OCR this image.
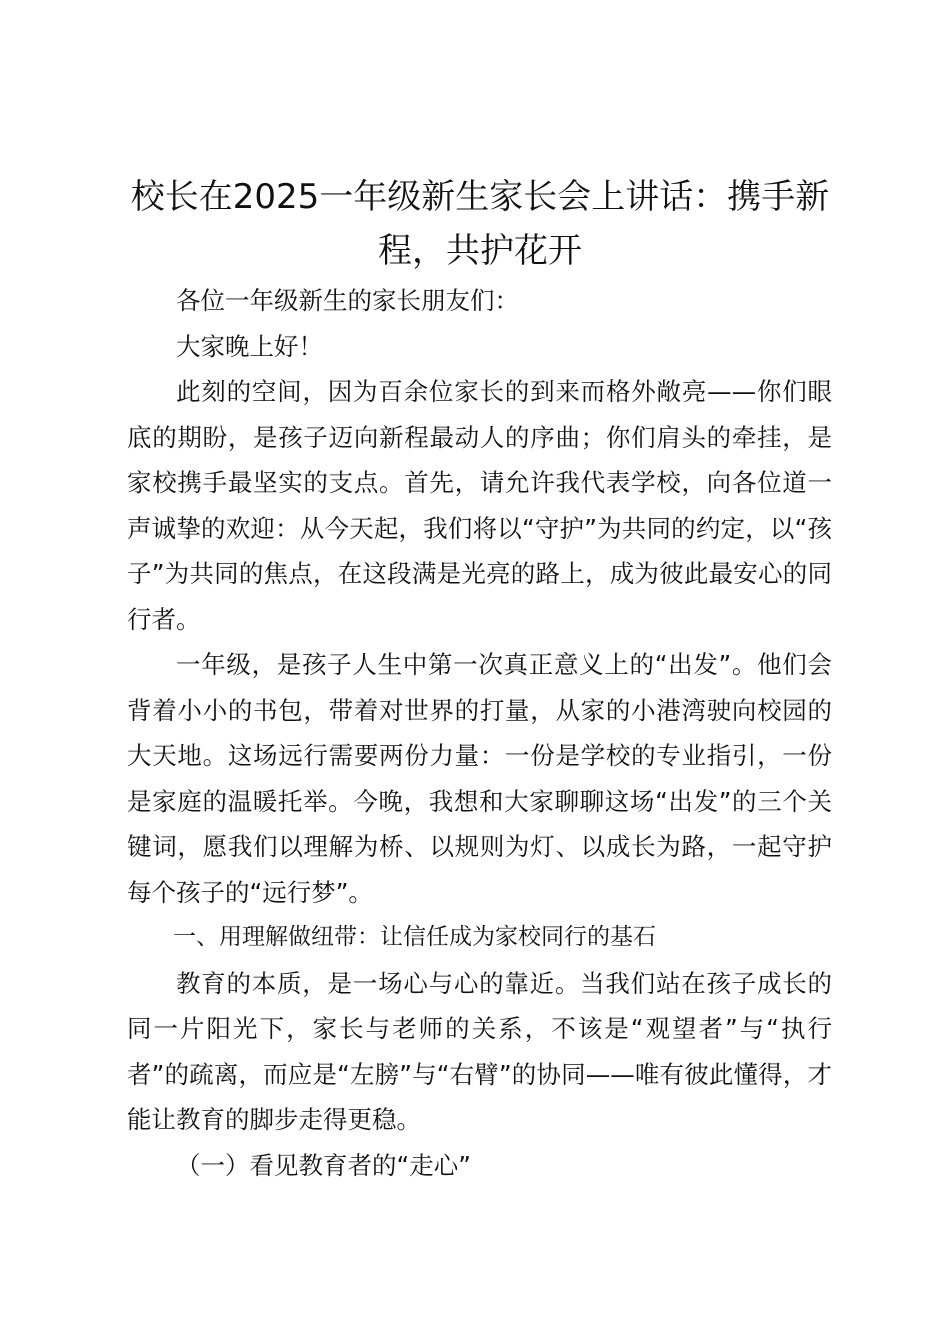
校长在2025一年级新生家长会上讲话：携手新程，共护花开

各位一年级新生的家长朋友们：

大家晚上好！

此刻的空间，因为百余位家长的到来而格外敞亮——你们眼底的期盼，是孩子迈向新程最动人的序曲；你们肩头的牵挂，是家校携手最坚实的支点。首先，请允许我代表学校，向各位道一声诚挚的欢迎：从今天起，我们将以“守护”为共同的约定，以“孩子”为共同的焦点，在这段满是光亮的路上，成为彼此最安心的同行者。

一年级，是孩子人生中第一次真正意义上的“出发”。他们会背着小小的书包，带着对世界的打量，从家的小港湾驶向校园的大天地。这场远行需要两份力量：一份是学校的专业指引，一份是家庭的温暖托举。今晚，我想和大家聊聊这场“出发”的三个关键词，愿我们以理解为桥、以规则为灯、以成长为路，一起守护每个孩子的“远行梦”。

一、用理解做纽带：让信任成为家校同行的基石

教育的本质，是一场心与心的靠近。当我们站在孩子成长的同一片阳光下，家长与老师的关系，不该是“观望者”与“执行者”的疏离，而应是“左膀”与“右臂”的协同——唯有彼此懂得，才能让教育的脚步走得更稳。

（一）看见教育者的“走心”
